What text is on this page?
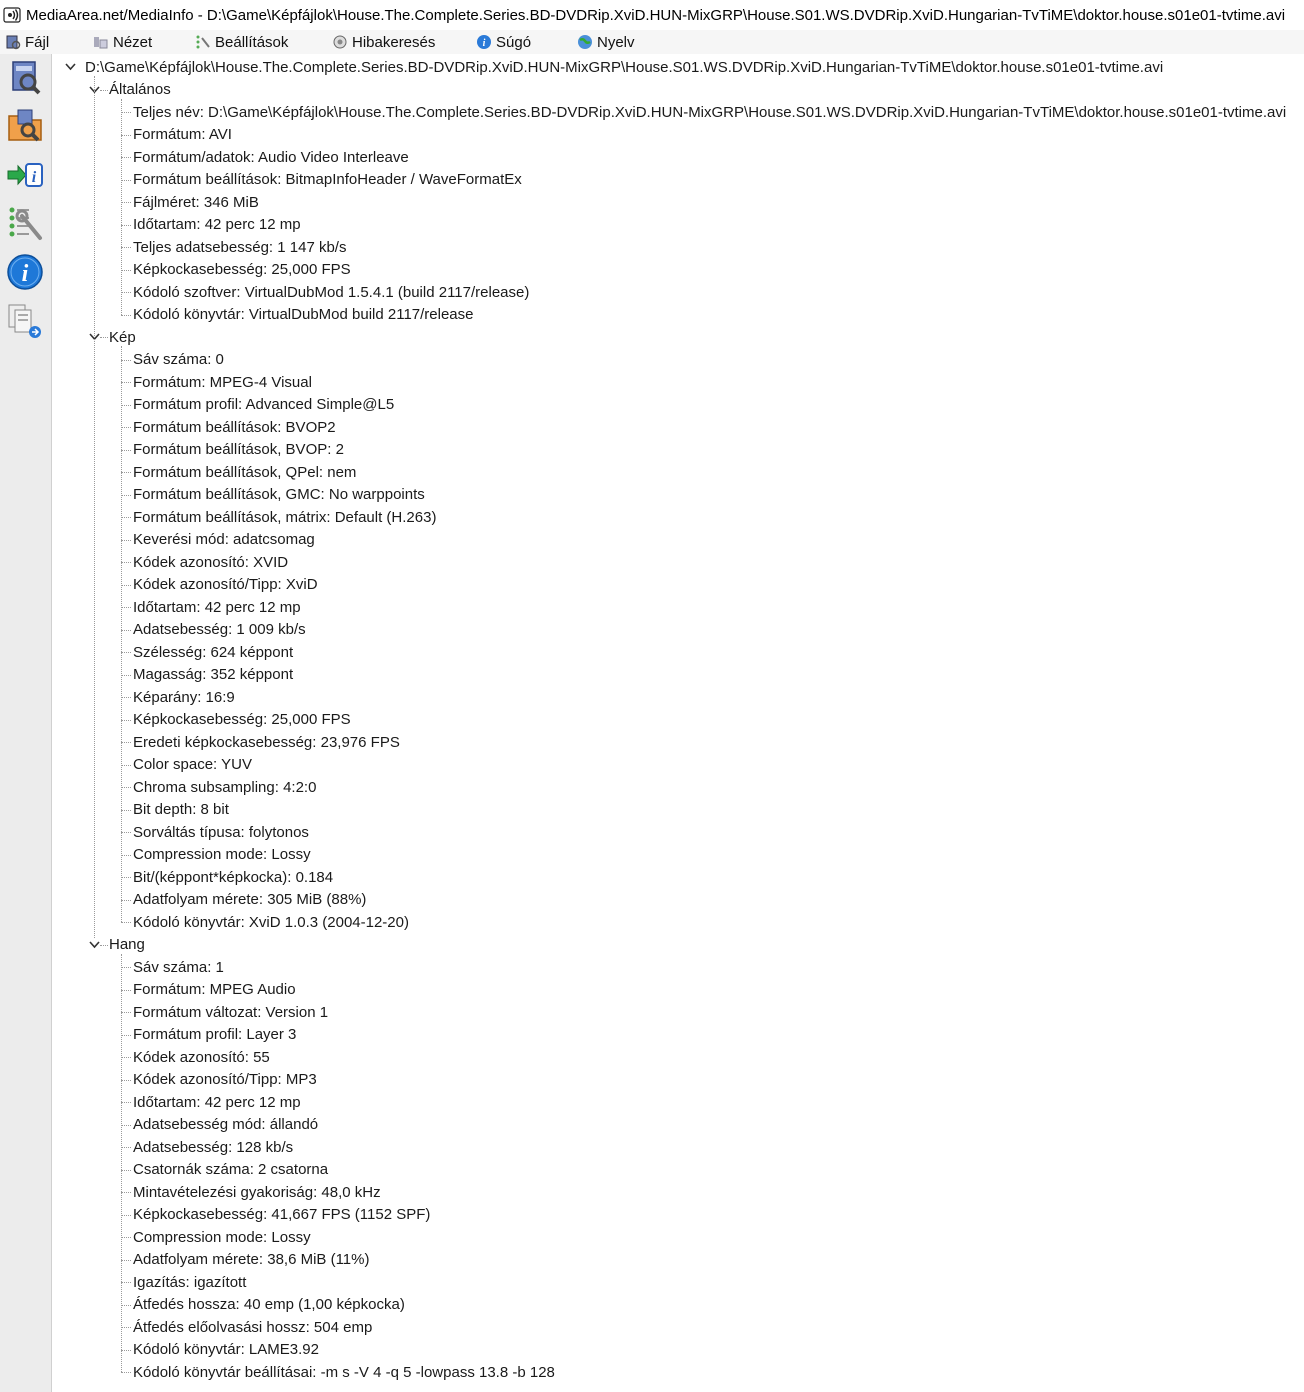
MediaArea.net/MediaInfo - D:\Game\Képfájlok\House.The.Complete.Series.BD-DVDRip.XviD.HUN-MixGRP\House.S01.WS.DVDRip.XviD.Hungarian-TvTiME\doktor.house.s01e01-tvtime.avi
Fájl	Nézet	Beállítások	Hibakeresés	i Súgó	Nyelv
i
i
D:\Game\Képfájlok\House.The.Complete.Series.BD-DVDRip.XviD.HUN-MixGRP\House.S01.WS.DVDRip.XviD.Hungarian-TvTiME\doktor.house.s01e01-tvtime.avi
Általános
Teljes név: D:\Game\Képfájlok\House.The.Complete.Series.BD-DVDRip.XviD.HUN-MixGRP\House.S01.WS.DVDRip.XviD.Hungarian-TvTiME\doktor.house.s01e01-tvtime.avi
Formátum: AVI
Formátum/adatok: Audio Video Interleave
Formátum beállítások: BitmapInfoHeader / WaveFormatEx
Fájlméret: 346 MiB
Időtartam: 42 perc 12 mp
Teljes adatsebesség: 1 147 kb/s
Képkockasebesség: 25,000 FPS
Kódoló szoftver: VirtualDubMod 1.5.4.1 (build 2117/release)
Kódoló könyvtár: VirtualDubMod build 2117/release
Kép
Sáv száma: 0
Formátum: MPEG-4 Visual
Formátum profil: Advanced Simple@L5
Formátum beállítások: BVOP2
Formátum beállítások, BVOP: 2
Formátum beállítások, QPel: nem
Formátum beállítások, GMC: No warppoints
Formátum beállítások, mátrix: Default (H.263)
Keverési mód: adatcsomag
Kódek azonosító: XVID
Kódek azonosító/Tipp: XviD
Időtartam: 42 perc 12 mp
Adatsebesség: 1 009 kb/s
Szélesség: 624 képpont
Magasság: 352 képpont
Képarány: 16:9
Képkockasebesség: 25,000 FPS
Eredeti képkockasebesség: 23,976 FPS
Color space: YUV
Chroma subsampling: 4:2:0
Bit depth: 8 bit
Sorváltás típusa: folytonos
Compression mode: Lossy
Bit/(képpont*képkocka): 0.184
Adatfolyam mérete: 305 MiB (88%)
Kódoló könyvtár: XviD 1.0.3 (2004-12-20)
Hang
Sáv száma: 1
Formátum: MPEG Audio
Formátum változat: Version 1
Formátum profil: Layer 3
Kódek azonosító: 55
Kódek azonosító/Tipp: MP3
Időtartam: 42 perc 12 mp
Adatsebesség mód: állandó
Adatsebesség: 128 kb/s
Csatornák száma: 2 csatorna
Mintavételezési gyakoriság: 48,0 kHz
Képkockasebesség: 41,667 FPS (1152 SPF)
Compression mode: Lossy
Adatfolyam mérete: 38,6 MiB (11%)
Igazítás: igazított
Átfedés hossza: 40 emp (1,00 képkocka)
Átfedés előolvasási hossz: 504 emp
Kódoló könyvtár: LAME3.92
Kódoló könyvtár beállításai: -m s -V 4 -q 5 -lowpass 13.8 -b 128
